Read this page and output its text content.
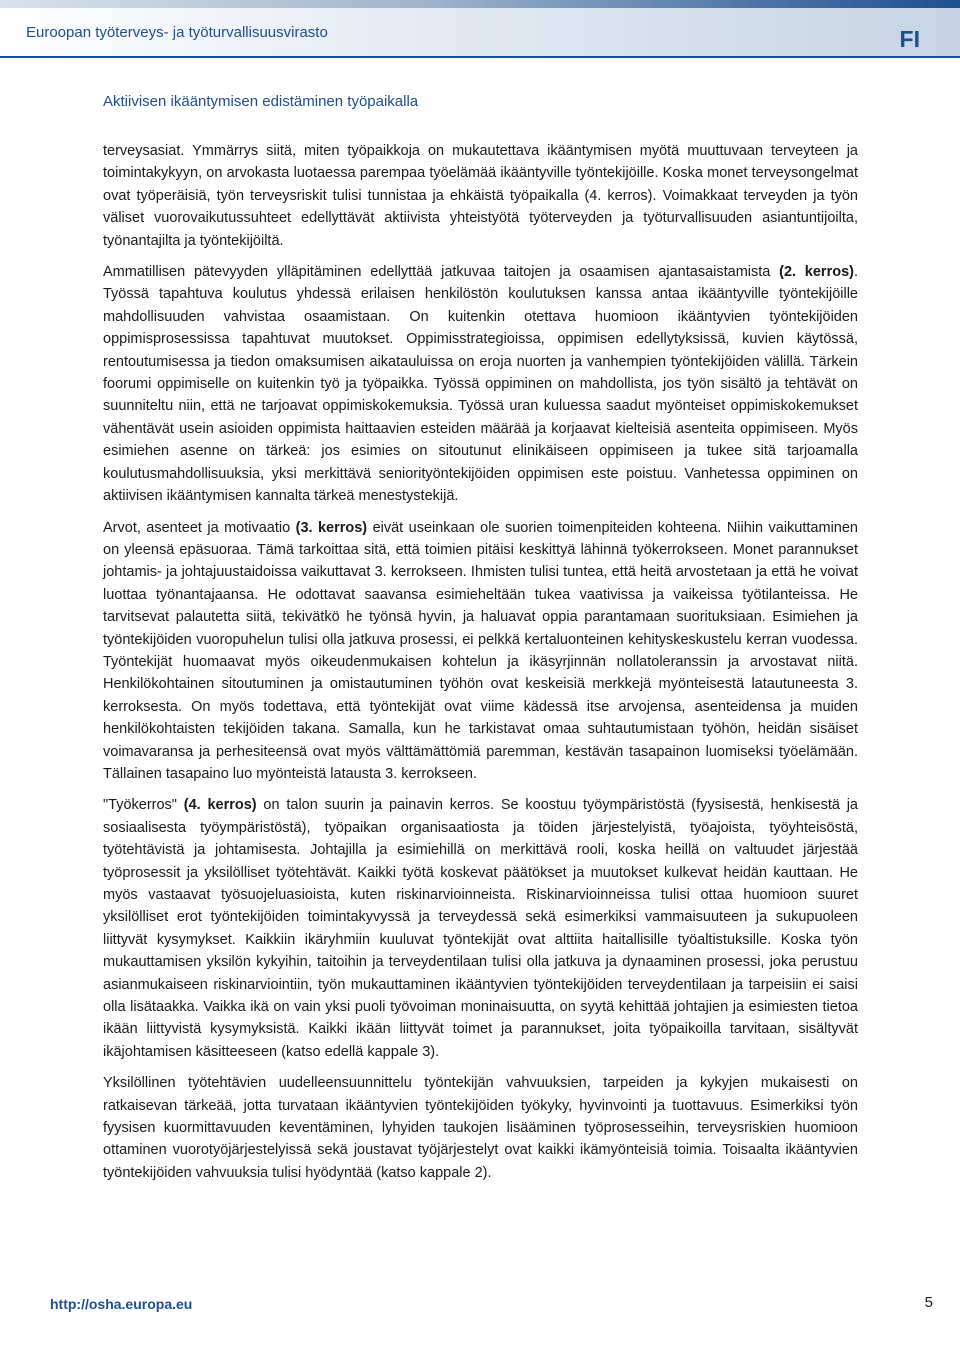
Euroopan työterveys- ja työturvallisuusvirasto	FI
Aktiivisen ikääntymisen edistäminen työpaikalla

terveysasiat. Ymmärrys siitä, miten työpaikkoja on mukautettava ikääntymisen myötä muuttuvaan terveyteen ja toimintakykyyn, on arvokasta luotaessa parempaa työelämää ikääntyville työntekijöille. Koska monet terveysongelmat ovat työperäisiä, työn terveysriskit tulisi tunnistaa ja ehkäistä työpaikalla (4. kerros). Voimakkaat terveyden ja työn väliset vuorovaikutussuhteet edellyttävät aktiivista yhteistyötä työterveyden ja työturvallisuuden asiantuntijoilta, työnantajilta ja työntekijöiltä.

Ammatillisen pätevyyden ylläpitäminen edellyttää jatkuvaa taitojen ja osaamisen ajantasaistamista (2. kerros). Työssä tapahtuva koulutus yhdessä erilaisen henkilöstön koulutuksen kanssa antaa ikääntyville työntekijöille mahdollisuuden vahvistaa osaamistaan. On kuitenkin otettava huomioon ikääntyvien työntekijöiden oppimisprosessissa tapahtuvat muutokset. Oppimisstrategioissa, oppimisen edellytyksissä, kuvien käytössä, rentoutumisessa ja tiedon omaksumisen aikatauluissa on eroja nuorten ja vanhempien työntekijöiden välillä. Tärkein foorumi oppimiselle on kuitenkin työ ja työpaikka. Työssä oppiminen on mahdollista, jos työn sisältö ja tehtävät on suunniteltu niin, että ne tarjoavat oppimiskokemuksia. Työssä uran kuluessa saadut myönteiset oppimiskokemukset vähentävät usein asioiden oppimista haittaavien esteiden määrää ja korjaavat kielteisiä asenteita oppimiseen. Myös esimiehen asenne on tärkeä: jos esimies on sitoutunut elinikäiseen oppimiseen ja tukee sitä tarjoamalla koulutusmahdollisuuksia, yksi merkittävä seniorityöntekijöiden oppimisen este poistuu. Vanhetessa oppiminen on aktiivisen ikääntymisen kannalta tärkeä menestystekijä.

Arvot, asenteet ja motivaatio (3. kerros) eivät useinkaan ole suorien toimenpiteiden kohteena. Niihin vaikuttaminen on yleensä epäsuoraa. Tämä tarkoittaa sitä, että toimien pitäisi keskittyä lähinnä työkerrokseen. Monet parannukset johtamis- ja johtajuustaidoissa vaikuttavat 3. kerrokseen. Ihmisten tulisi tuntea, että heitä arvostetaan ja että he voivat luottaa työnantajaansa. He odottavat saavansa esimieheltään tukea vaativissa ja vaikeissa työtilanteissa. He tarvitsevat palautetta siitä, tekivätkö he työnsä hyvin, ja haluavat oppia parantamaan suorituksiaan. Esimiehen ja työntekijöiden vuoropuhelun tulisi olla jatkuva prosessi, ei pelkkä kertaluonteinen kehityskeskustelu kerran vuodessa. Työntekijät huomaavat myös oikeudenmukaisen kohtelun ja ikäsyrjinnän nollatoleranssin ja arvostavat niitä. Henkilökohtainen sitoutuminen ja omistautuminen työhön ovat keskeisiä merkkejä myönteisestä latautuneesta 3. kerroksesta. On myös todettava, että työntekijät ovat viime kädessä itse arvojensa, asenteidensa ja muiden henkilökohtaisten tekijöiden takana. Samalla, kun he tarkistavat omaa suhtautumistaan työhön, heidän sisäiset voimavaransa ja perhesiteensä ovat myös välttämättömiä paremman, kestävän tasapainon luomiseksi työelämään. Tällainen tasapaino luo myönteistä latausta 3. kerrokseen.

"Työkerros" (4. kerros) on talon suurin ja painavin kerros. Se koostuu työympäristöstä (fyysisestä, henkisestä ja sosiaalisesta työympäristöstä), työpaikan organisaatiosta ja töiden järjestelyistä, työajoista, työyhteisöstä, työtehtävistä ja johtamisesta. Johtajilla ja esimiehillä on merkittävä rooli, koska heillä on valtuudet järjestää työprosessit ja yksilölliset työtehtävät. Kaikki työtä koskevat päätökset ja muutokset kulkevat heidän kauttaan. He myös vastaavat työsuojeluasioista, kuten riskinarvioinneista. Riskinarvioinneissa tulisi ottaa huomioon suuret yksilölliset erot työntekijöiden toimintakyvyssä ja terveydessä sekä esimerkiksi vammaisuuteen ja sukupuoleen liittyvät kysymykset. Kaikkiin ikäryhmiin kuuluvat työntekijät ovat alttiita haitallisille työaltistuksille. Koska työn mukauttamisen yksilön kykyihin, taitoihin ja terveydentilaan tulisi olla jatkuva ja dynaaminen prosessi, joka perustuu asianmukaiseen riskinarviointiin, työn mukauttaminen ikääntyvien työntekijöiden terveydentilaan ja tarpeisiin ei saisi olla lisätaakka. Vaikka ikä on vain yksi puoli työvoiman moninaisuutta, on syytä kehittää johtajien ja esimiesten tietoa ikään liittyvistä kysymyksistä. Kaikki ikään liittyvät toimet ja parannukset, joita työpaikoilla tarvitaan, sisältyvät ikäjohtamisen käsitteeseen (katso edellä kappale 3).

Yksilöllinen työtehtävien uudelleensuunnittelu työntekijän vahvuuksien, tarpeiden ja kykyjen mukaisesti on ratkaisevan tärkeää, jotta turvataan ikääntyvien työntekijöiden työkyky, hyvinvointi ja tuottavuus. Esimerkiksi työn fyysisen kuormittavuuden keventäminen, lyhyiden taukojen lisääminen työprosesseihin, terveysriskien huomioon ottaminen vuorotyöjärjestelyissä sekä joustavat työjärjestelyt ovat kaikki ikämyönteisiä toimia. Toisaalta ikääntyvien työntekijöiden vahvuuksia tulisi hyödyntää (katso kappale 2).

http://osha.europa.eu	5
